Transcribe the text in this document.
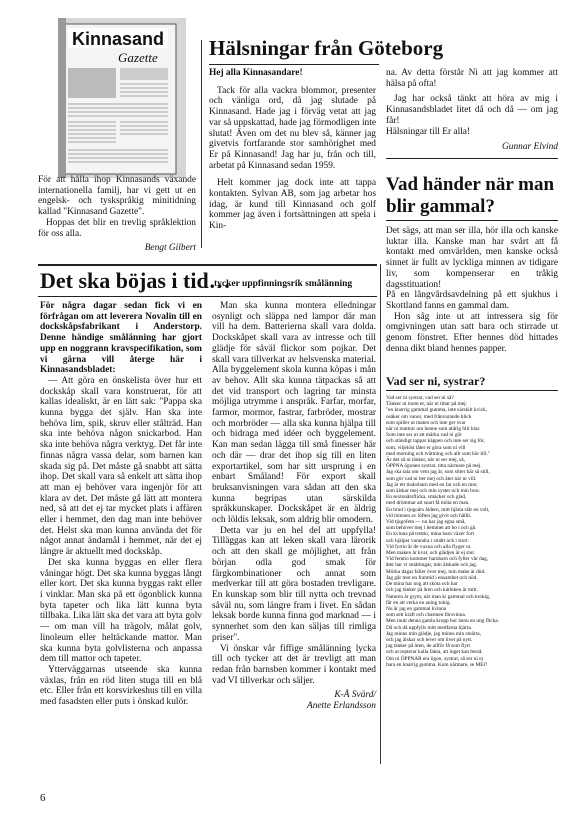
Kinnasand
Gazette

För att hålla ihop Kinnasands växande internationella familj, har vi gett ut en engelsk- och tyskspråkig minitidning kallad "Kinnasand Gazette".

Hoppas det blir en trevlig språklektion för oss alla.

Bengt Gilbert
Hälsningar från Göteborg

Hej alla Kinnasandare!

Tack för alla vackra blommor, presenter och vänliga ord, då jag slutade på Kinnasand. Hade jag i förväg vetat att jag var så uppskattad, hade jag förmodligen inte slutat! Även om det nu blev så, känner jag givetvis fortfarande stor samhörighet med Er på Kinnasand! Jag har ju, från och till, arbetat på Kinnasand sedan 1959.

Helt kommer jag dock inte att tappa kontakten. Sylvan AB, som jag arbetar hos idag, är kund till Kinnasand och golf kommer jag även i fortsättningen att spela i Kin-

na. Av detta förstår Ni att jag kommer att hälsa på ofta!

Jag har också tänkt att höra av mig i Kinnasandsbladet litet då och då — om jag får!

Hälsningar till Er alla!

Gunnar Elvind
Vad händer när man blir gammal?

Det sägs, att man ser illa, hör illa och kanske luktar illa. Kanske man har svårt att få kontakt med omvärlden, men kanske också sinnet är fullt av lyckliga minnen av tidigare liv, som kompenserar en tråkig dagsstituation!

På en långvårdsavdelning på ett sjukhus i Skottland fanns en gammal dam.

Hon såg inte ut att intressera sig för omgivningen utan satt bara och stirrade ut genom fönstret. Efter hennes död hittades denna dikt bland hennes papper.

Vad ser ni, systrar?

Vad ser ni systrar, vad ser ni så?

Tänker ni inom er, när ni tittar på mej:

"en knarrig gammal gumma, inte särskilt kvick,

osäker om vanor, med frånvarande blick

som spiller ut maten och inte ger svar

när ni muttrar om henne som aldrig blir klar.

Som inte ser ut att märka vad ni gör

och ständigt tappar käppen och inte ser sig för,

som, viljelöst låter er göra som ni vill

med morning och tvättning och allt som hör till."

Är det så ni tänker, när ni ser mej, så,

ÖPPNA ögonen systrar, titta närmare på mej.

Jag ska tala om vem jag är, som sitter här så still,

som gör vad ni ber mej och äter när ni vill.

Jag är ett tioårsbarn med en far och en mor,

som älskar mej och min syster och min bror.

En sextonårsflicka, smäcker och glad,

med drömmar att snart få möta en man.

En brud i tjugoårs åldern, mitt hjärta slår en volt,

vid minnen av löften jag givit och hållit.

Vid tjugofem — nu har jag egna små,

som behöver mej i hemmet att bo i och gå.

En kvinna på trettio, mina barn växer fort

och hjälper varandra i smått och i stort.

Vid fyrtio är de vuxna och alla flyger ut.

Men maken är kvar, och glädjen är ej slut.

Vid femtio kommer barnbarn och fyller vår dag,

åter har vi småttingar, min älskade och jag.

Mörka dagar faller över mej, min make är död.

Jag går mot en framtid i ensamhet och nöd.

De mina har nog att sköta och har

och jag tänker på åren och kärleken är mitt.

Naturen är grym, när man är gammal och krokig,

får en att verka en aning tokig.

Nu är jag en gammal kvinna

som sett kraft och charmen försvinna.

Men inuti denna gamla kropp bor ännu en ung flicka.

Då och då uppfylls mitt medfarna hjärta.

Jag minns min glädje, jag minns min smärta,

och jag älskar och lever om livet på nytt.

jag tänker på åren, de allför få som flytt

och accepterar kalla fakta, att inget kan bestå.

Om ni ÖPPNAR era ögon, systrar, så ser ni ej

bara en knarrig gumma. Kom närmare, se MEJ!

Det ska böjas i tid…
tycker uppfinningsrik smålänning

För några dagar sedan fick vi en förfrågan om att leverera Novalin till en dockskåpsfabrikant i Anderstorp. Denne händige smålänning har gjort upp en noggrann kravspecifikation, som vi gärna vill återge här i Kinnasandsbladet:

— Att göra en önskelista över hur ett dockskåp skall vara konstruerat, för att kallas idealiskt, är en lätt sak: "Pappa ska kunna bygga det själv. Han ska inte behöva lim, spik, skruv eller stålträd. Han ska inte behöva någon snickarbod. Han ska inte behöva några verktyg. Det får inte finnas några vassa delar, som barnen kan skada sig på. Det måste gå snabbt att sätta ihop. Det skall vara så enkelt att sätta ihop att man ej behöver vara ingenjör för att klara av det. Det måste gå lätt att montera ned, så att det ej tar mycket plats i affären eller i hemmet, den dag man inte behöver det. Helst ska man kunna använda det för något annat ändamål i hemmet, när det ej längre är aktuellt med dockskåp.

Det ska kunna byggas en eller flera våningar högt. Det ska kunna byggas långt eller kort. Det ska kunna byggas rakt eller i vinklar. Man ska på ett ögonblick kunna byta tapeter och lika lätt kunna byta tillbaka. Lika lätt ska det vara att byta golv — om man vill ha trägolv, målat golv, linoleum eller heltäckande mattor. Man ska kunna byta golvlisterna och anpassa dem till mattor och tapeter.

Ytterväggarnas utseende ska kunna växlas, från en röd liten stuga till en blå etc. Eller från ett korsvirkeshus till en villa med fasadsten eller puts i önskad kulör.

Man ska kunna montera elledningar osynligt och släppa ned lampor där man vill ha dem. Batterierna skall vara dolda. Dockskåpet skall vara av intresse och till glädje för såväl flickor som pojkar. Det skall vara tillverkat av helsvenska material. Alla byggelement skola kunna köpas i mån av behov. Allt ska kunna tätpackas så att det vid transport och lagring tar minsta möjliga utrymme i anspråk. Farfar, morfar, farmor, mormor, fastrar, farbröder, mostrar och morbröder — alla ska kunna hjälpa till och bidraga med idéer och byggelement. Kan man sedan lägga till små finesser här och där — drar det ihop sig till en liten exportartikel, som har sitt ursprung i en enbart Småland! För export skall bruksanvisningen vara sådan att den ska kunna begripas utan särskilda språkkunskaper. Dockskåpet är en äldrig och löldis leksak, som aldrig blir omodern.

Detta var ju en hel del att uppfylla! Tilläggas kan att leken skall vara lärorik och att den skall ge möjlighet, att från början odla god smak för färgkombinationer och annat som medverkar till att göra bostaden trevligare. En kunskap som blir till nytta och trevnad såväl nu, som längre fram i livet. En sådan leksak borde kunna finna god marknad — i synnerhet som den kan säljas till rimliga priser".

Vi önskar vår fiffige smålänning lycka till och tycker att det är trevligt att man redan från barnsben kommer i kontakt med vad VI tillverkar och säljer.

K-Å Svärd/
Anette Erlandsson
6
